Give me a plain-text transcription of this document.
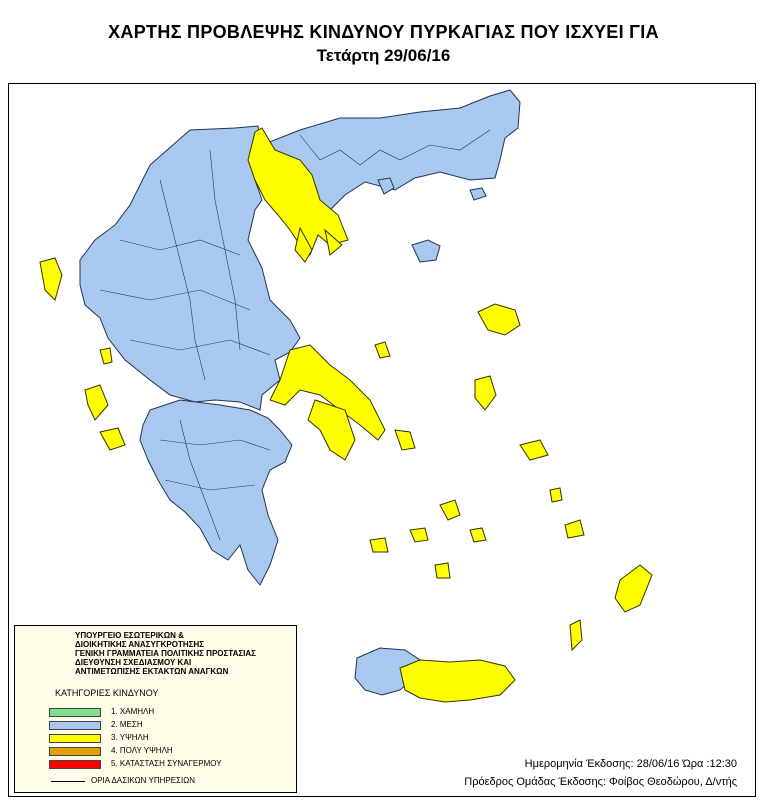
ΧΑΡΤΗΣ ΠΡΟΒΛΕΨΗΣ ΚΙΝΔΥΝΟΥ ΠΥΡΚΑΓΙΑΣ ΠΟΥ ΙΣΧΥΕΙ ΓΙΑ
Τετάρτη 29/06/16
ΥΠΟΥΡΓΕΙΟ ΕΣΩΤΕΡΙΚΩΝ &
ΔΙΟΙΚΗΤΙΚΗΣ ΑΝΑΣΥΓΚΡΟΤΗΣΗΣ
ΓΕΝΙΚΗ ΓΡΑΜΜΑΤΕΙΑ ΠΟΛΙΤΙΚΗΣ ΠΡΟΣΤΑΣΙΑΣ
ΔΙΕΥΘΥΝΣΗ ΣΧΕΔΙΑΣΜΟΥ ΚΑΙ
ΑΝΤΙΜΕΤΩΠΙΣΗΣ ΕΚΤΑΚΤΩΝ ΑΝΑΓΚΩΝ
ΚΑΤΗΓΟΡΙΕΣ ΚΙΝΔΥΝΟΥ
1. ΧΑΜΗΛΗ
2. ΜΕΣΗ
3. ΥΨΗΛΗ
4. ΠΟΛΥ ΥΨΗΛΗ
5. ΚΑΤΑΣΤΑΣΗ ΣΥΝΑΓΕΡΜΟΥ
ΟΡΙΑ ΔΑΣΙΚΩΝ ΥΠΗΡΕΣΙΩΝ
Ημερομηνία Έκδοσης: 28/06/16 Ώρα :12:30
Πρόεδρος Ομάδας Έκδοσης: Φοίβος Θεοδώρου, Δ/ντής
